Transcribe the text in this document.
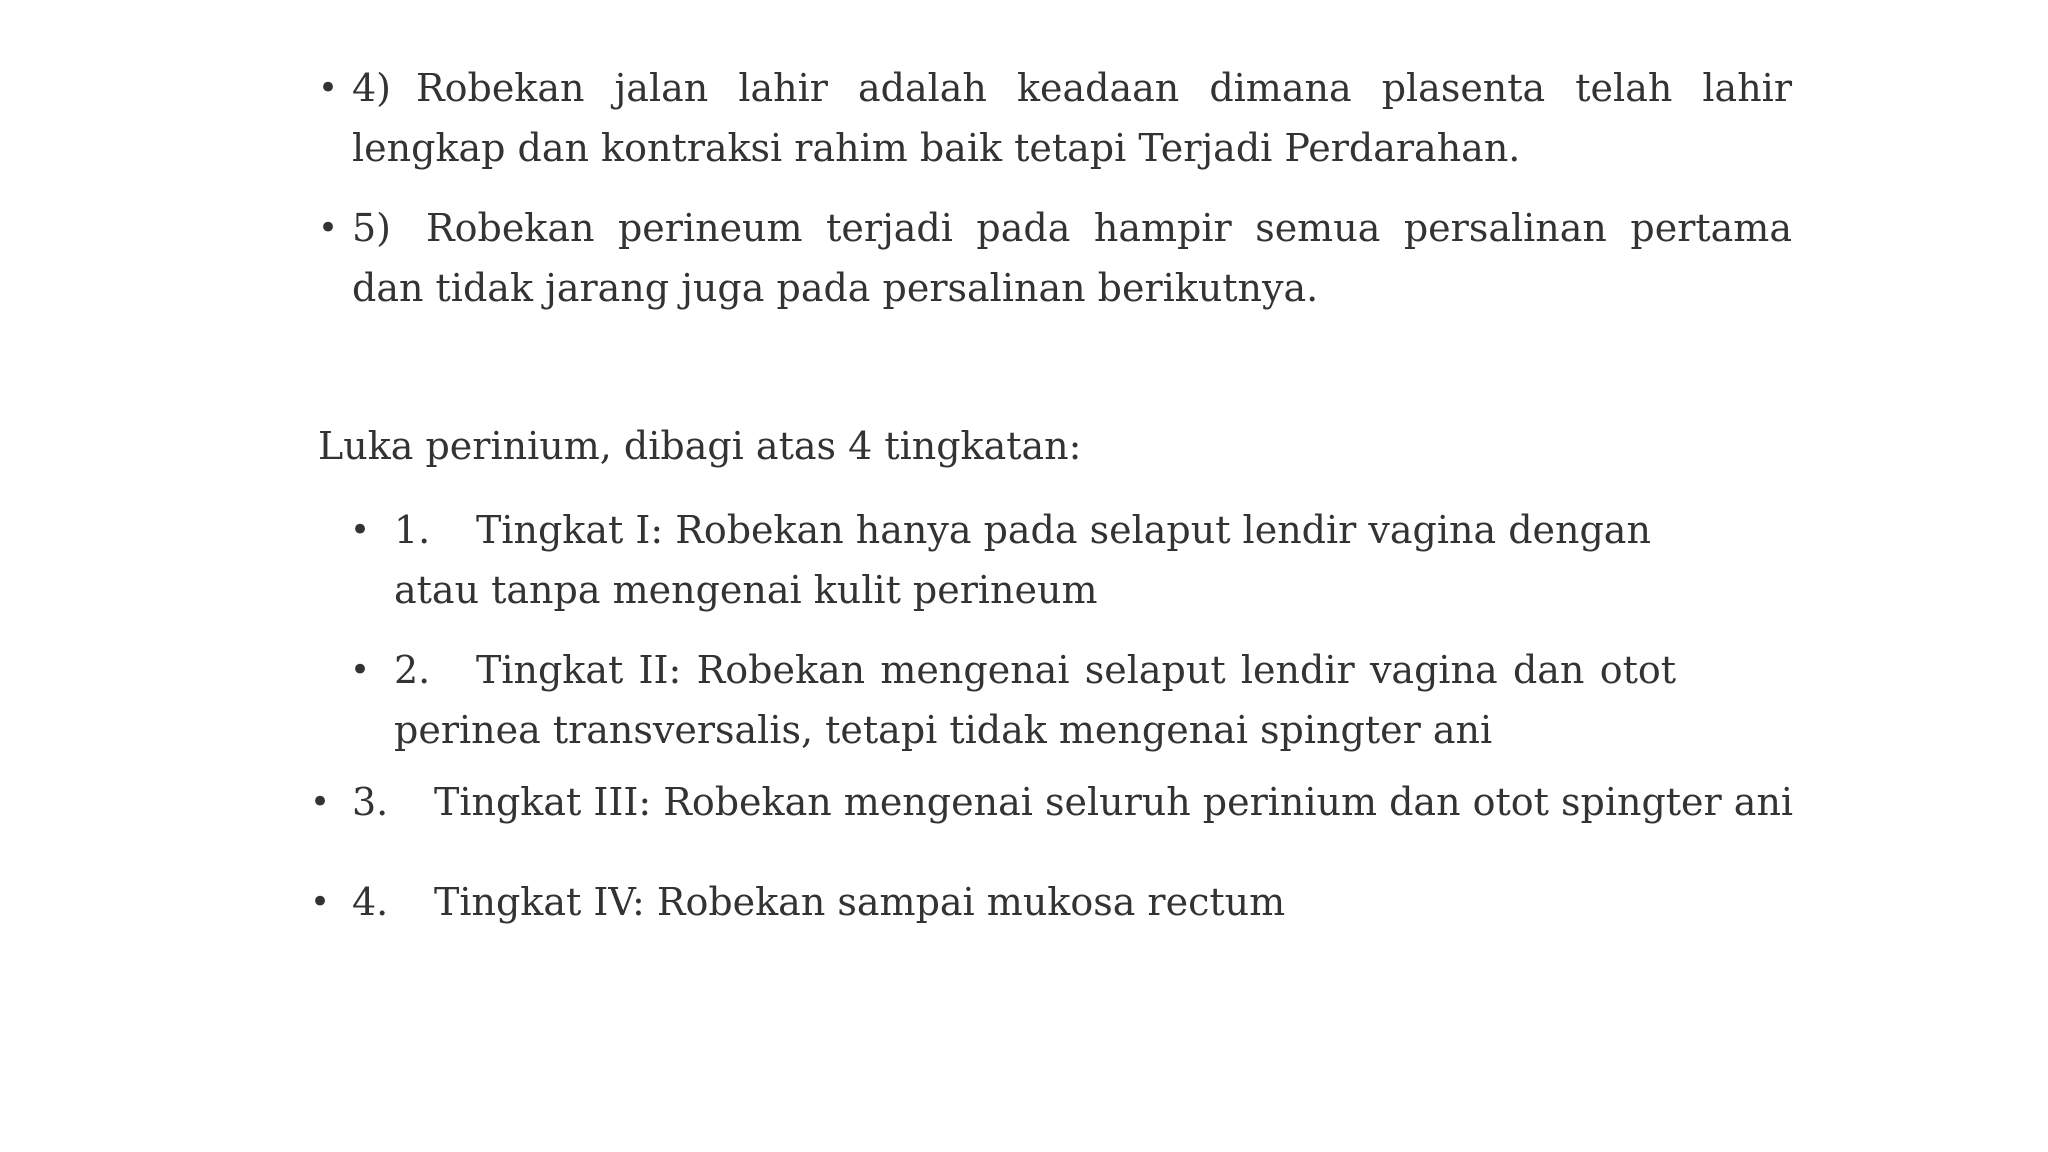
• 4) Robekan jalan lahir adalah keadaan dimana plasenta telah lahir lengkap dan kontraksi rahim baik tetapi Terjadi Perdarahan.
• 5) Robekan perineum terjadi pada hampir semua persalinan pertama dan tidak jarang juga pada persalinan berikutnya.
Luka perinium, dibagi atas 4 tingkatan:
• 1. Tingkat I: Robekan hanya pada selaput lendir vagina dengan atau tanpa mengenai kulit perineum
• 2. Tingkat II: Robekan mengenai selaput lendir vagina dan otot perinea transversalis, tetapi tidak mengenai spingter ani
• 3. Tingkat III: Robekan mengenai seluruh perinium dan otot spingter ani
• 4. Tingkat IV: Robekan sampai mukosa rectum
